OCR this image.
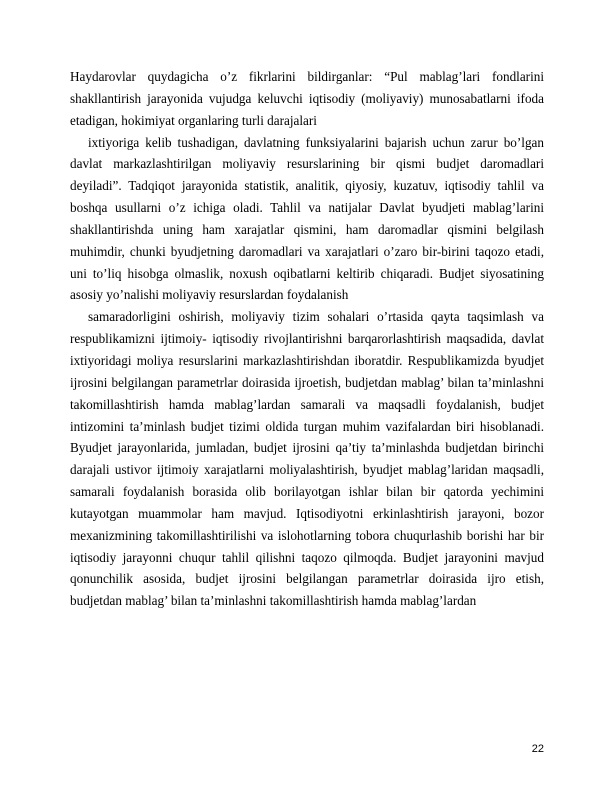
Haydarovlar quydagicha o’z fikrlarini bildirganlar: “Pul mablag’lari fondlarini shakllantirish jarayonida vujudga keluvchi iqtisodiy (moliyaviy) munosabatlarni ifoda etadigan, hokimiyat organlaring turli darajalari

ixtiyoriga kelib tushadigan, davlatning funksiyalarini bajarish uchun zarur bo’lgan davlat markazlashtirilgan moliyaviy resurslarining bir qismi budjet daromadlari deyiladi”. Tadqiqot jarayonida statistik, analitik, qiyosiy, kuzatuv, iqtisodiy tahlil va boshqa usullarni o’z ichiga oladi. Tahlil va natijalar Davlat byudjeti mablag’larini shakllantirishda uning ham xarajatlar qismini, ham daromadlar qismini belgilash muhimdir, chunki byudjetning daromadlari va xarajatlari o’zaro bir-birini taqozo etadi, uni to’liq hisobga olmaslik, noxush oqibatlarni keltirib chiqaradi. Budjet siyosatining asosiy yo’nalishi moliyaviy resurslardan foydalanish

samaradorligini oshirish, moliyaviy tizim sohalari o’rtasida qayta taqsimlash va respublikamizni ijtimoiy- iqtisodiy rivojlantirishni barqarorlashtirish maqsadida, davlat ixtiyoridagi moliya resurslarini markazlashtirishdan iboratdir. Respublikamizda byudjet ijrosini belgilangan parametrlar doirasida ijroetish, budjetdan mablag’ bilan ta’minlashni takomillashtirish hamda mablag’lardan samarali va maqsadli foydalanish, budjet intizomini ta’minlash budjet tizimi oldida turgan muhim vazifalardan biri hisoblanadi. Byudjet jarayonlarida, jumladan, budjet ijrosini qa’tiy ta’minlashda budjetdan birinchi darajali ustivor ijtimoiy xarajatlarni moliyalashtirish, byudjet mablag’laridan maqsadli, samarali foydalanish borasida olib borilayotgan ishlar bilan bir qatorda yechimini kutayotgan muammolar ham mavjud. Iqtisodiyotni erkinlashtirish jarayoni, bozor mexanizmining takomillashtirilishi va islohotlarning tobora chuqurlashib borishi har bir iqtisodiy jarayonni chuqur tahlil qilishni taqozo qilmoqda. Budjet jarayonini mavjud qonunchilik asosida, budjet ijrosini belgilangan parametrlar doirasida ijro etish, budjetdan mablag’ bilan ta’minlashni takomillashtirish hamda mablag’lardan

22
